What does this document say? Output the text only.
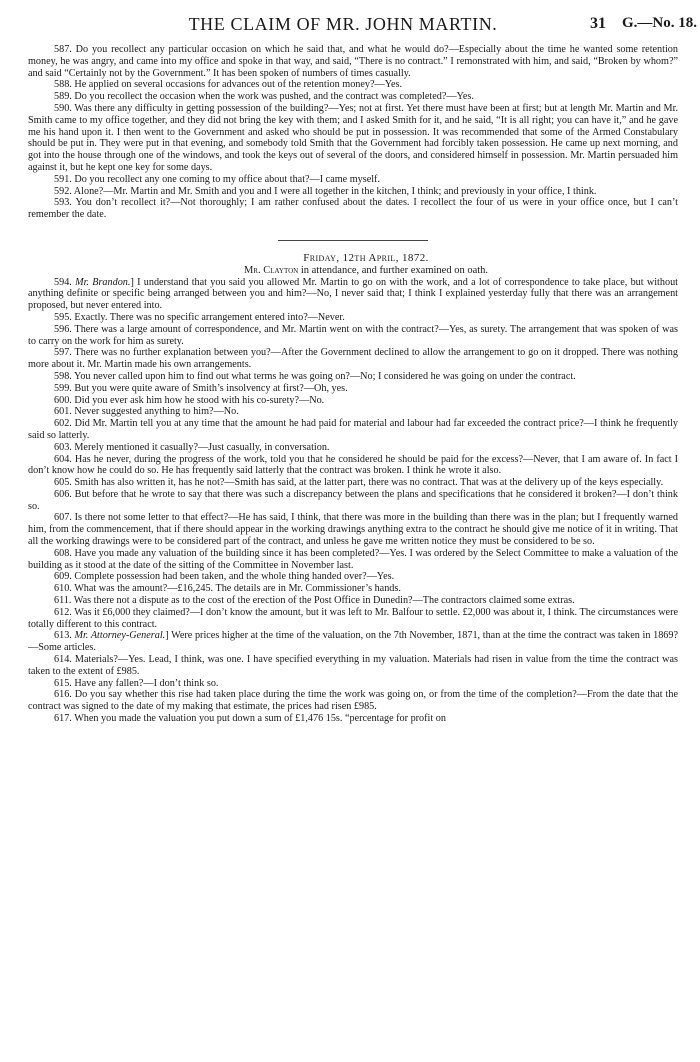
THE CLAIM OF MR. JOHN MARTIN.	31 G.—No. 18.

587. Do you recollect any particular occasion on which he said that, and what he would do?—Especially about the time he wanted some retention money, he was angry, and came into my office and spoke in that way, and said, “There is no contract.” I remonstrated with him, and said, “Broken by whom?” and said “Certainly not by the Government.” It has been spoken of numbers of times casually.

588. He applied on several occasions for advances out of the retention money?—Yes.

589. Do you recollect the occasion when the work was pushed, and the contract was completed?—Yes.

590. Was there any difficulty in getting possession of the building?—Yes; not at first. Yet there must have been at first; but at length Mr. Martin and Mr. Smith came to my office together, and they did not bring the key with them; and I asked Smith for it, and he said, “It is all right; you can have it,” and he gave me his hand upon it. I then went to the Government and asked who should be put in possession. It was recommended that some of the Armed Constabulary should be put in. They were put in that evening, and somebody told Smith that the Government had forcibly taken possession. He came up next morning, and got into the house through one of the windows, and took the keys out of several of the doors, and considered himself in possession. Mr. Martin persuaded him against it, but he kept one key for some days.

591. Do you recollect any one coming to my office about that?—I came myself.

592. Alone?—Mr. Martin and Mr. Smith and you and I were all together in the kitchen, I think; and previously in your office, I think.

593. You don’t recollect it?—Not thoroughly; I am rather confused about the dates. I recollect the four of us were in your office once, but I can’t remember the date.

Friday, 12th April, 1872.

Mr. Clayton in attendance, and further examined on oath.

594. Mr. Brandon.] I understand that you said you allowed Mr. Martin to go on with the work, and a lot of correspondence to take place, but without anything definite or specific being arranged between you and him?—No, I never said that; I think I explained yesterday fully that there was an arrangement proposed, but never entered into.

595. Exactly. There was no specific arrangement entered into?—Never.

596. There was a large amount of correspondence, and Mr. Martin went on with the contract?—Yes, as surety. The arrangement that was spoken of was to carry on the work for him as surety.

597. There was no further explanation between you?—After the Government declined to allow the arrangement to go on it dropped. There was nothing more about it. Mr. Martin made his own arrangements.

598. You never called upon him to find out what terms he was going on?—No; I considered he was going on under the contract.

599. But you were quite aware of Smith’s insolvency at first?—Oh, yes.

600. Did you ever ask him how he stood with his co-surety?—No.

601. Never suggested anything to him?—No.

602. Did Mr. Martin tell you at any time that the amount he had paid for material and labour had far exceeded the contract price?—I think he frequently said so latterly.

603. Merely mentioned it casually?—Just casually, in conversation.

604. Has he never, during the progress of the work, told you that he considered he should be paid for the excess?—Never, that I am aware of. In fact I don’t know how he could do so. He has frequently said latterly that the contract was broken. I think he wrote it also.

605. Smith has also written it, has he not?—Smith has said, at the latter part, there was no contract. That was at the delivery up of the keys especially.

606. But before that he wrote to say that there was such a discrepancy between the plans and specifications that he considered it broken?—I don’t think so.

607. Is there not some letter to that effect?—He has said, I think, that there was more in the building than there was in the plan; but I frequently warned him, from the commencement, that if there should appear in the working drawings anything extra to the contract he should give me notice of it in writing. That all the working drawings were to be considered part of the contract, and unless he gave me written notice they must be considered to be so.

608. Have you made any valuation of the building since it has been completed?—Yes. I was ordered by the Select Committee to make a valuation of the building as it stood at the date of the sitting of the Committee in November last.

609. Complete possession had been taken, and the whole thing handed over?—Yes.

610. What was the amount?—£16,245. The details are in Mr. Commissioner’s hands.

611. Was there not a dispute as to the cost of the erection of the Post Office in Dunedin?—The contractors claimed some extras.

612. Was it £6,000 they claimed?—I don’t know the amount, but it was left to Mr. Balfour to settle. £2,000 was about it, I think. The circumstances were totally different to this contract.

613. Mr. Attorney-General.] Were prices higher at the time of the valuation, on the 7th November, 1871, than at the time the contract was taken in 1869?—Some articles.

614. Materials?—Yes. Lead, I think, was one. I have specified everything in my valuation. Materials had risen in value from the time the contract was taken to the extent of £985.

615. Have any fallen?—I don’t think so.

616. Do you say whether this rise had taken place during the time the work was going on, or from the time of the completion?—From the date that the contract was signed to the date of my making that estimate, the prices had risen £985.

617. When you made the valuation you put down a sum of £1,476 15s. “percentage for profit on
